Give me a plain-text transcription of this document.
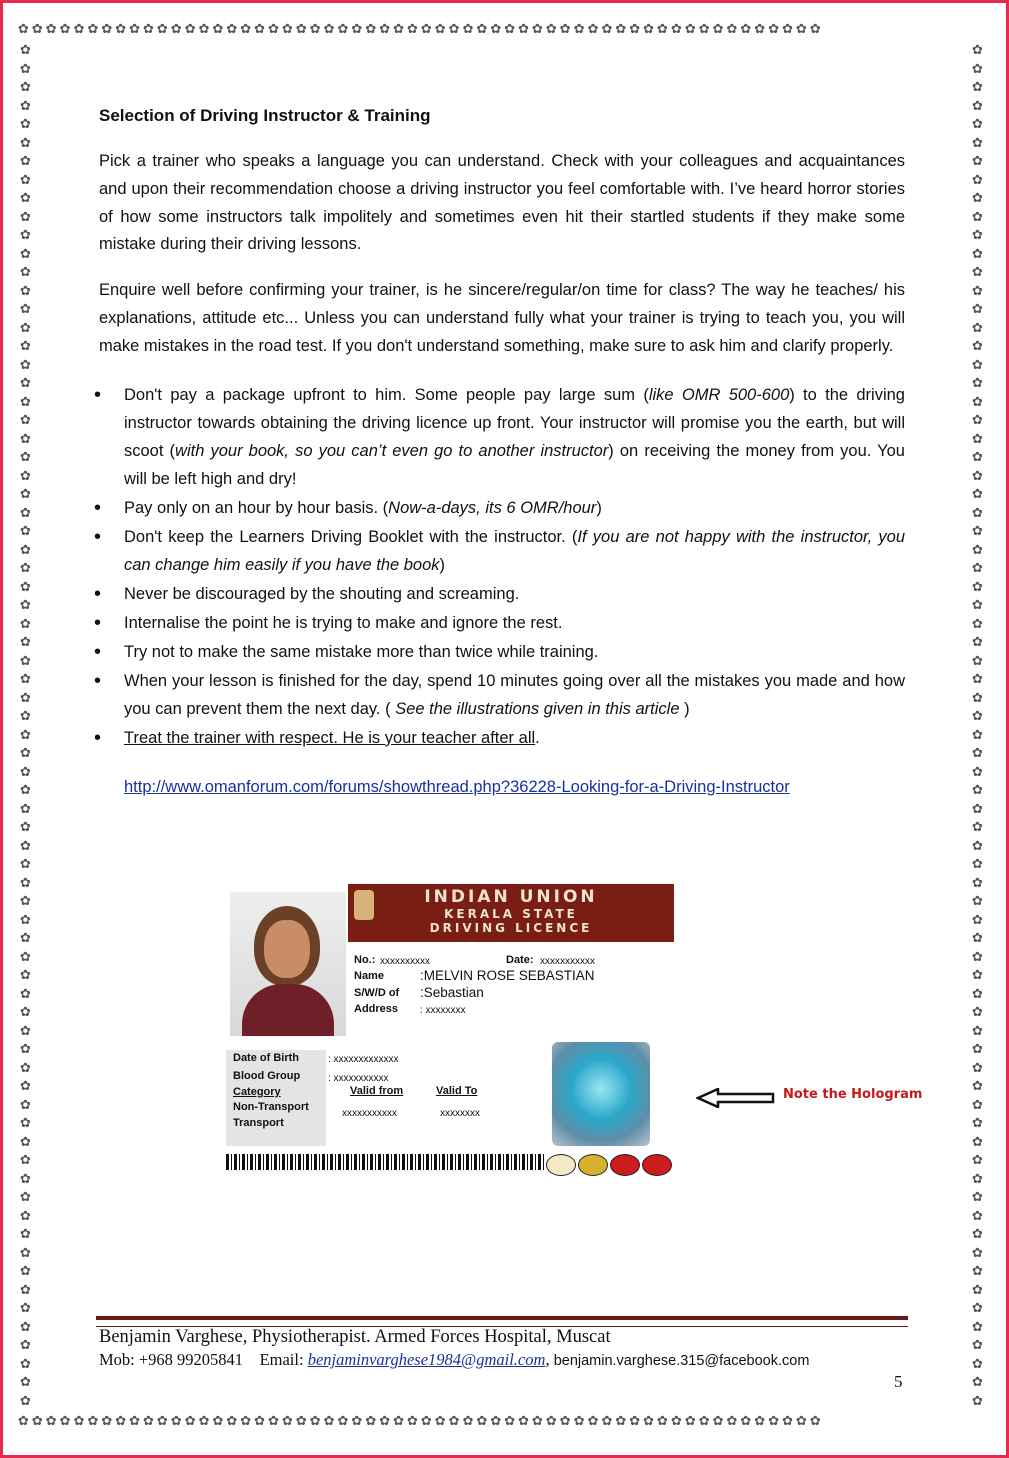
✿✿✿✿✿✿✿✿✿✿✿✿✿✿✿✿✿✿✿✿✿✿✿✿✿✿✿✿✿✿✿✿✿✿✿✿✿✿✿✿✿✿✿✿✿✿✿✿✿✿✿✿✿✿✿✿✿✿
✿✿✿✿✿✿✿✿✿✿✿✿✿✿✿✿✿✿✿✿✿✿✿✿✿✿✿✿✿✿✿✿✿✿✿✿✿✿✿✿✿✿✿✿✿✿✿✿✿✿✿✿✿✿✿✿✿✿
✿✿✿✿✿✿✿✿✿✿✿✿✿✿✿✿✿✿✿✿✿✿✿✿✿✿✿✿✿✿✿✿✿✿✿✿✿✿✿✿✿✿✿✿✿✿✿✿✿✿✿✿✿✿✿✿✿✿✿✿✿✿✿✿✿✿✿✿✿✿✿✿✿✿
✿✿✿✿✿✿✿✿✿✿✿✿✿✿✿✿✿✿✿✿✿✿✿✿✿✿✿✿✿✿✿✿✿✿✿✿✿✿✿✿✿✿✿✿✿✿✿✿✿✿✿✿✿✿✿✿✿✿✿✿✿✿✿✿✿✿✿✿✿✿✿✿✿✿
Selection of Driving Instructor & Training

Pick a trainer who speaks a language you can understand. Check with your colleagues and acquaintances and upon their recommendation choose a driving instructor you feel comfortable with. I’ve heard horror stories of how some instructors talk impolitely and sometimes even hit their startled students if they make some mistake during their driving lessons.

Enquire well before confirming your trainer, is he sincere/regular/on time for class? The way he teaches/ his explanations, attitude etc... Unless you can understand fully what your trainer is trying to teach you, you will make mistakes in the road test. If you don't understand something, make sure to ask him and clarify properly.

• Don't pay a package upfront to him. Some people pay large sum (like OMR 500-600) to the driving instructor towards obtaining the driving licence up front. Your instructor will promise you the earth, but will scoot (with your book, so you can’t even go to another instructor) on receiving the money from you. You will be left high and dry!
• Pay only on an hour by hour basis. (Now-a-days, its 6 OMR/hour)
• Don't keep the Learners Driving Booklet with the instructor. (If you are not happy with the instructor, you can change him easily if you have the book)
• Never be discouraged by the shouting and screaming.
• Internalise the point he is trying to make and ignore the rest.
• Try not to make the same mistake more than twice while training.
• When your lesson is finished for the day, spend 10 minutes going over all the mistakes you made and how you can prevent them the next day. ( See the illustrations given in this article )
• Treat the trainer with respect. He is your teacher after all.
http://www.omanforum.com/forums/showthread.php?36228-Looking-for-a-Driving-Instructor
INDIAN UNION
KERALA STATE
DRIVING LICENCE
No.: xxxxxxxxxx	Date: xxxxxxxxxxx
Name	:MELVIN ROSE SEBASTIAN
S/W/D of :Sebastian
Address : xxxxxxxx
Date of Birth	: xxxxxxxxxxxxx
Blood Group	: xxxxxxxxxxx
Category
Non-Transport
Transport
Valid from	Valid To
xxxxxxxxxxx	xxxxxxxx
Note the Hologram
Benjamin Varghese, Physiotherapist. Armed Forces Hospital, Muscat
Mob: +968 99205841 Email: benjaminvarghese1984@gmail.com, benjamin.varghese.315@facebook.com
5
